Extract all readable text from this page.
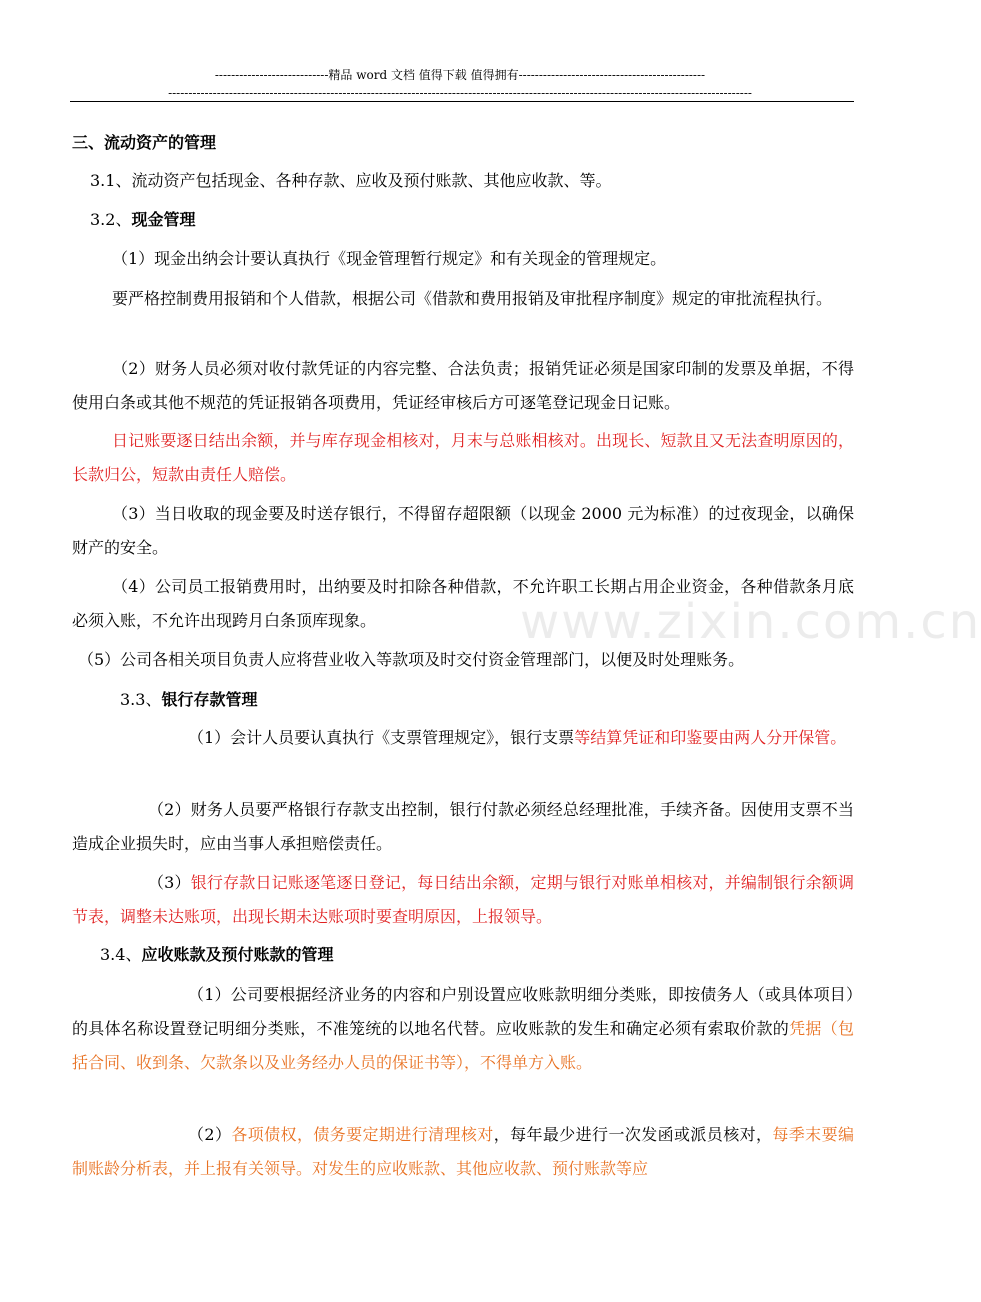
----------------------------精品 word 文档 值得下载 值得拥有----------------------------------------------
------------------------------------------------------------------------------------------------------------------------------------------------
www.zixin.com.cn
三、流动资产的管理
3.1、流动资产包括现金、各种存款、应收及预付账款、其他应收款、等。
3.2、现金管理
（1）现金出纳会计要认真执行《现金管理暂行规定》和有关现金的管理规定。
要严格控制费用报销和个人借款，根据公司《借款和费用报销及审批程序制度》规定的审批流程执行。
（2）财务人员必须对收付款凭证的内容完整、合法负责；报销凭证必须是国家印制的发票及单据，不得使用白条或其他不规范的凭证报销各项费用，凭证经审核后方可逐笔登记现金日记账。
日记账要逐日结出余额，并与库存现金相核对，月末与总账相核对。出现长、短款且又无法查明原因的，长款归公，短款由责任人赔偿。
（3）当日收取的现金要及时送存银行，不得留存超限额（以现金 2000 元为标准）的过夜现金，以确保财产的安全。
（4）公司员工报销费用时，出纳要及时扣除各种借款，不允许职工长期占用企业资金，各种借款条月底必须入账，不允许出现跨月白条顶库现象。
（5）公司各相关项目负责人应将营业收入等款项及时交付资金管理部门，以便及时处理账务。
3.3、银行存款管理
（1）会计人员要认真执行《支票管理规定》，银行支票等结算凭证和印鉴要由两人分开保管。
（2）财务人员要严格银行存款支出控制，银行付款必须经总经理批准，手续齐备。因使用支票不当造成企业损失时，应由当事人承担赔偿责任。
（3）银行存款日记账逐笔逐日登记，每日结出余额，定期与银行对账单相核对，并编制银行余额调节表，调整未达账项，出现长期未达账项时要查明原因，上报领导。
3.4、应收账款及预付账款的管理
（1）公司要根据经济业务的内容和户别设置应收账款明细分类账，即按债务人（或具体项目）的具体名称设置登记明细分类账，不准笼统的以地名代替。应收账款的发生和确定必须有索取价款的凭据（包括合同、收到条、欠款条以及业务经办人员的保证书等），不得单方入账。
（2）各项债权，债务要定期进行清理核对，每年最少进行一次发函或派员核对，每季末要编制账龄分析表，并上报有关领导。对发生的应收账款、其他应收款、预付账款等应
